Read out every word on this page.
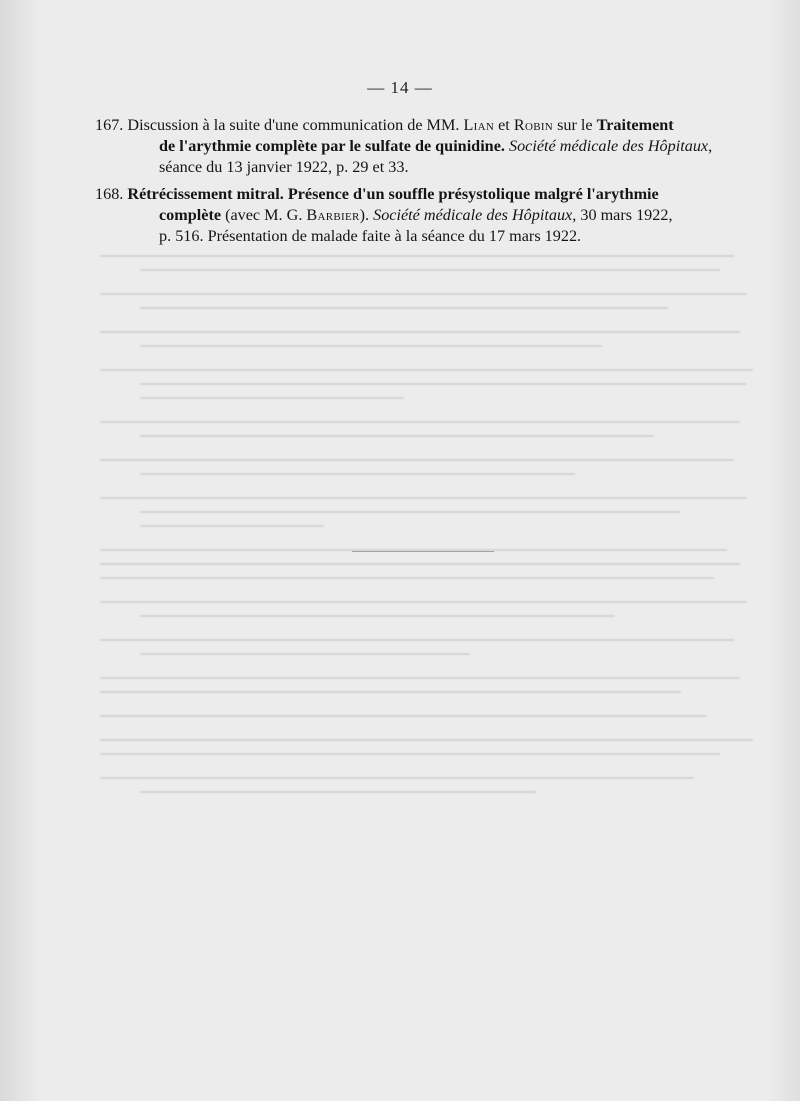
— 14 —
167. Discussion à la suite d'une communication de MM. Lian et Robin sur le Traitement
de l'arythmie complète par le sulfate de quinidine. Société médicale des Hôpitaux,
séance du 13 janvier 1922, p. 29 et 33.
168. Rétrécissement mitral. Présence d'un souffle présystolique malgré l'arythmie
complète (avec M. G. Barbier). Société médicale des Hôpitaux, 30 mars 1922,
p. 516. Présentation de malade faite à la séance du 17 mars 1922.
